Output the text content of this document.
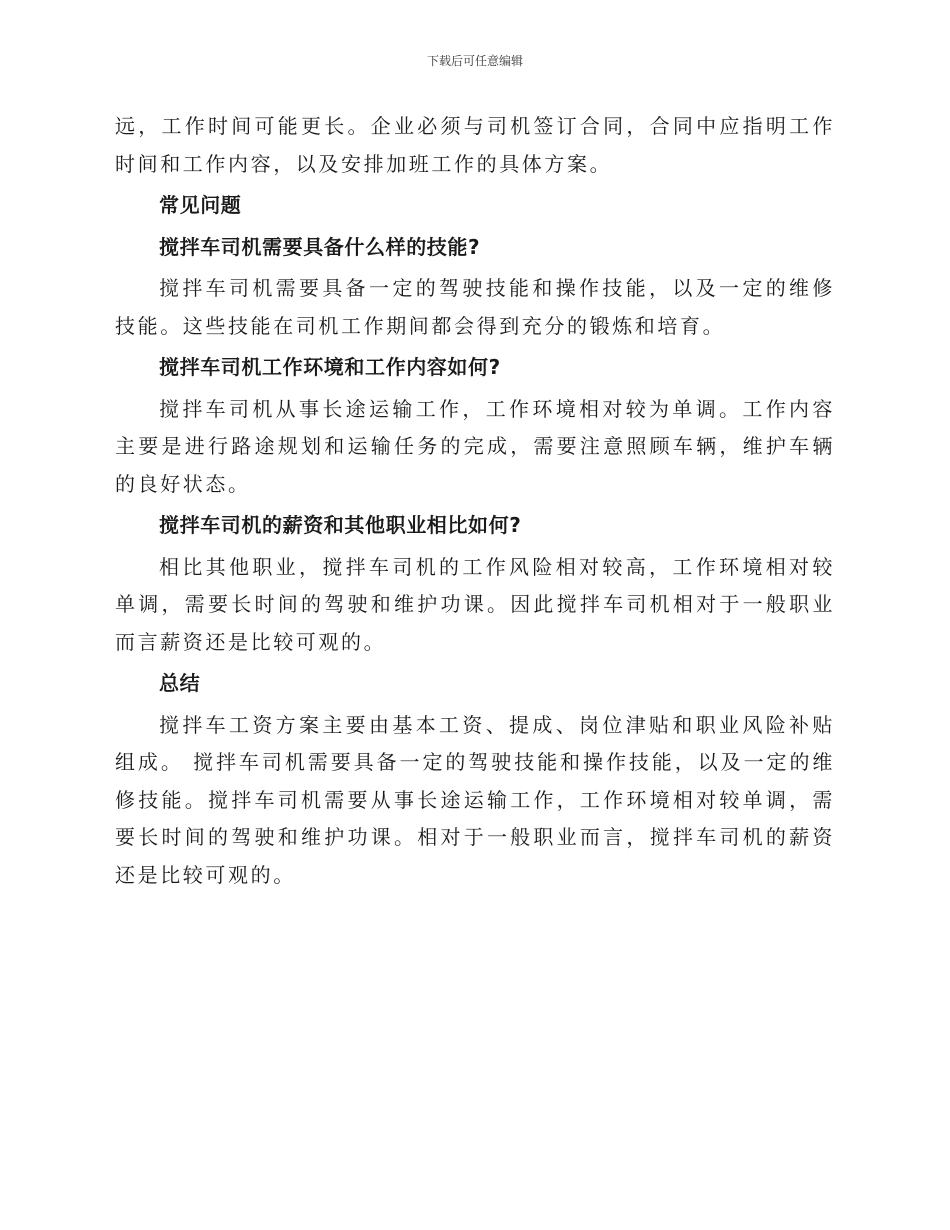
下载后可任意编辑

远，工作时间可能更长。企业必须与司机签订合同，合同中应指明工作时间和工作内容，以及安排加班工作的具体方案。

常见问题
搅拌车司机需要具备什么样的技能?

搅拌车司机需要具备一定的驾驶技能和操作技能，以及一定的维修技能。这些技能在司机工作期间都会得到充分的锻炼和培育。

搅拌车司机工作环境和工作内容如何?

搅拌车司机从事长途运输工作，工作环境相对较为单调。工作内容主要是进行路途规划和运输任务的完成，需要注意照顾车辆，维护车辆的良好状态。

搅拌车司机的薪资和其他职业相比如何?

相比其他职业，搅拌车司机的工作风险相对较高，工作环境相对较单调，需要长时间的驾驶和维护功课。因此搅拌车司机相对于一般职业而言薪资还是比较可观的。

总结

搅拌车工资方案主要由基本工资、提成、岗位津贴和职业风险补贴组成。 搅拌车司机需要具备一定的驾驶技能和操作技能，以及一定的维修技能。搅拌车司机需要从事长途运输工作，工作环境相对较单调，需要长时间的驾驶和维护功课。相对于一般职业而言，搅拌车司机的薪资还是比较可观的。
